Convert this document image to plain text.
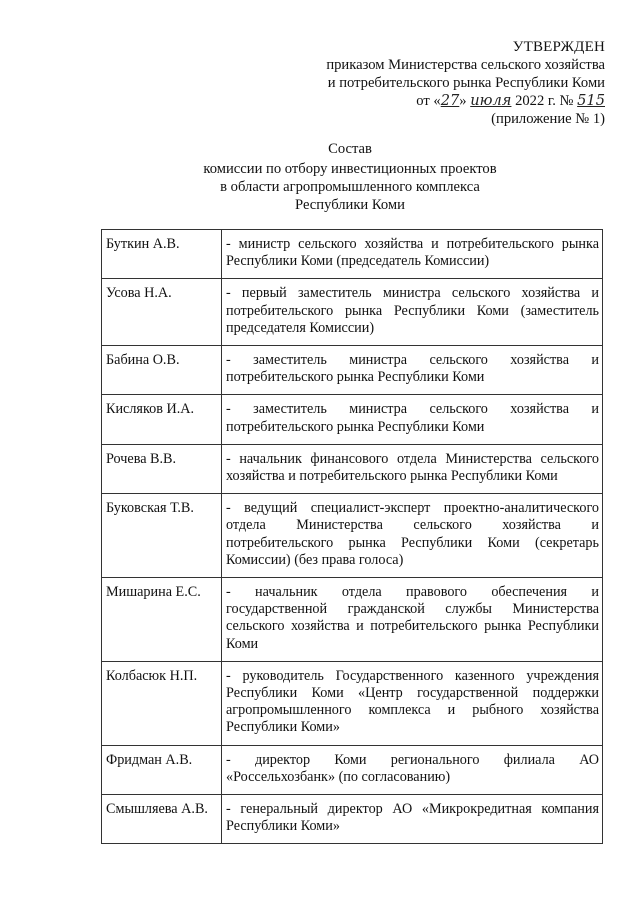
УТВЕРЖДЕН
приказом Министерства сельского хозяйства
и потребительского рынка Республики Коми
от «27» июля 2022 г. № 515
(приложение № 1)
Состав
комиссии по отбору инвестиционных проектов
в области агропромышленного комплекса
Республики Коми
Буткин А.В.	- министр сельского хозяйства и потребительского рынка Республики Коми (председатель Комиссии)
Усова Н.А.	- первый заместитель министра сельского хозяйства и потребительского рынка Республики Коми (заместитель председателя Комиссии)
Бабина О.В.	- заместитель министра сельского хозяйства и потребительского рынка Республики Коми
Кисляков И.А.	- заместитель министра сельского хозяйства и потребительского рынка Республики Коми
Рочева В.В.	- начальник финансового отдела Министерства сельского хозяйства и потребительского рынка Республики Коми
Буковская Т.В.	- ведущий специалист-эксперт проектно-аналитического отдела Министерства сельского хозяйства и потребительского рынка Республики Коми (секретарь Комиссии) (без права голоса)
Мишарина Е.С.	- начальник отдела правового обеспечения и государственной гражданской службы Министерства сельского хозяйства и потребительского рынка Республики Коми
Колбасюк Н.П.	- руководитель Государственного казенного учреждения Республики Коми «Центр государственной поддержки агропромышленного комплекса и рыбного хозяйства Республики Коми»
Фридман А.В.	- директор Коми регионального филиала АО «Россельхозбанк» (по согласованию)
Смышляева А.В.	- генеральный директор АО «Микрокредитная компания Республики Коми»
